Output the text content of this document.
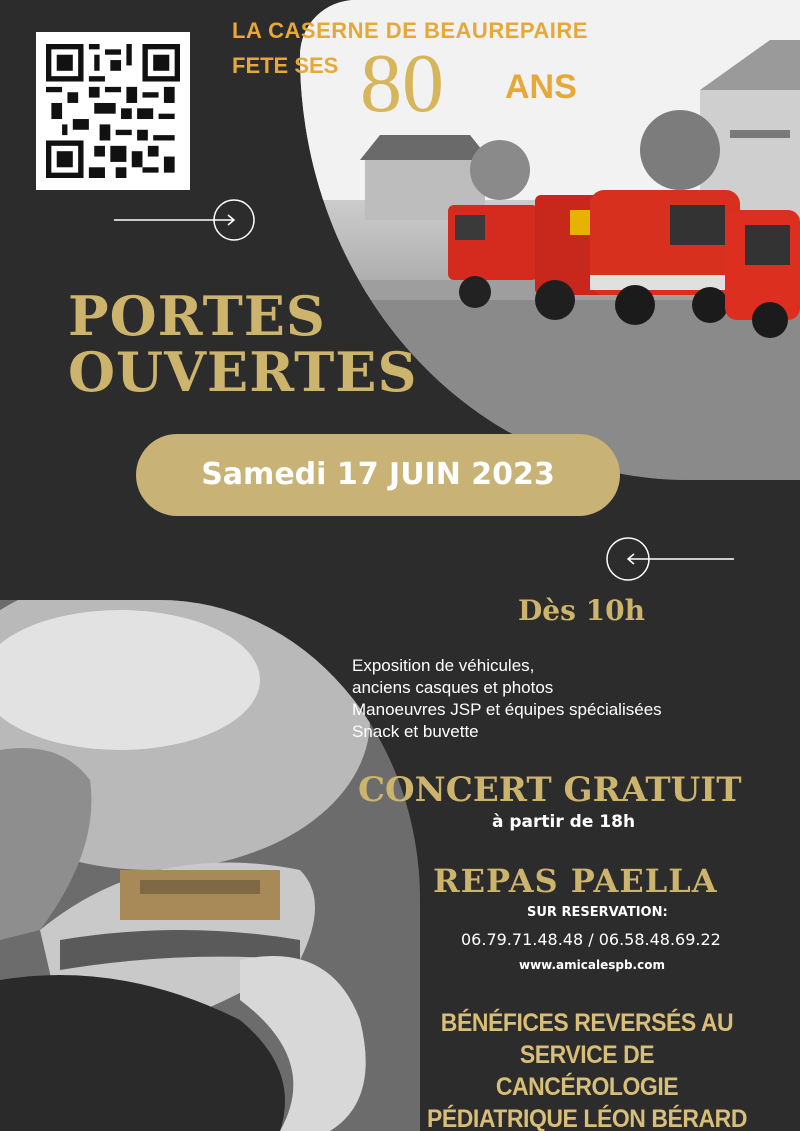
LA CASERNE DE BEAUREPAIRE
FETE SES 80 ANS
PORTES
OUVERTES
Samedi 17 JUIN 2023
Dès 10h
Exposition de véhicules,
anciens casques et photos
Manoeuvres JSP et équipes spécialisées
Snack et buvette
CONCERT GRATUIT
à partir de 18h
REPAS PAELLA
SUR RESERVATION:
06.79.71.48.48 / 06.58.48.69.22
www.amicalespb.com
BÉNÉFICES REVERSÉS AU
SERVICE DE CANCÉROLOGIE
PÉDIATRIQUE LÉON BÉRARD
